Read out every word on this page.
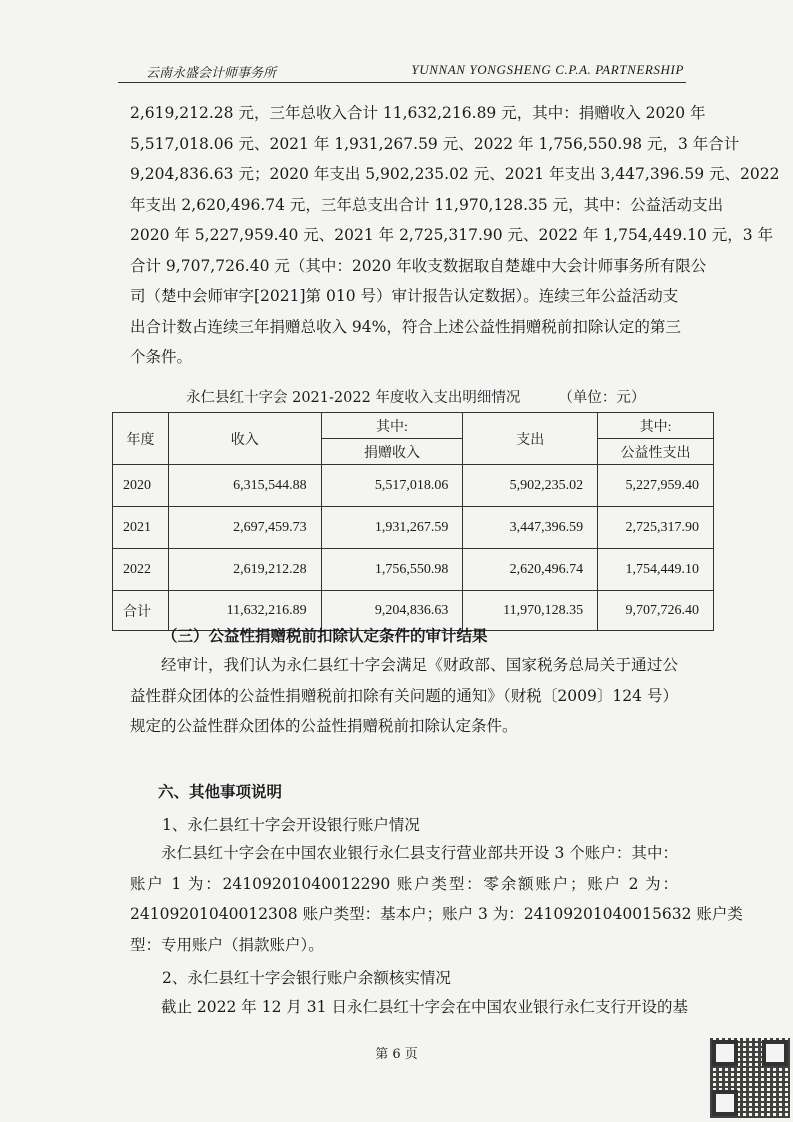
云南永盛会计师事务所	YUNNAN YONGSHENG C.P.A. PARTNERSHIP
2,619,212.28 元，三年总收入合计 11,632,216.89 元，其中：捐赠收入 2020 年
5,517,018.06 元、2021 年 1,931,267.59 元、2022 年 1,756,550.98 元，3 年合计
9,204,836.63 元；2020 年支出 5,902,235.02 元、2021 年支出 3,447,396.59 元、2022
年支出 2,620,496.74 元，三年总支出合计 11,970,128.35 元，其中：公益活动支出
2020 年 5,227,959.40 元、2021 年 2,725,317.90 元、2022 年 1,754,449.10 元，3 年
合计 9,707,726.40 元（其中：2020 年收支数据取自楚雄中大会计师事务所有限公
司（楚中会师审字[2021]第 010 号）审计报告认定数据）。连续三年公益活动支
出合计数占连续三年捐赠总收入 94%，符合上述公益性捐赠税前扣除认定的第三
个条件。
永仁县红十字会 2021-2022 年度收入支出明细情况	（单位：元）
年度	收入	其中:	支出	其中:
		捐赠收入		公益性支出
2020	6,315,544.88	5,517,018.06	5,902,235.02	5,227,959.40
2021	2,697,459.73	1,931,267.59	3,447,396.59	2,725,317.90
2022	2,619,212.28	1,756,550.98	2,620,496.74	1,754,449.10
合计	11,632,216.89	9,204,836.63	11,970,128.35	9,707,726.40
（三）公益性捐赠税前扣除认定条件的审计结果
经审计，我们认为永仁县红十字会满足《财政部、国家税务总局关于通过公
益性群众团体的公益性捐赠税前扣除有关问题的通知》（财税〔2009〕124 号）
规定的公益性群众团体的公益性捐赠税前扣除认定条件。
六、其他事项说明
1、永仁县红十字会开设银行账户情况
永仁县红十字会在中国农业银行永仁县支行营业部共开设 3 个账户：其中：
账户 1 为：24109201040012290 账户类型：零余额账户；账户 2 为：
24109201040012308 账户类型：基本户；账户 3 为：24109201040015632 账户类
型：专用账户（捐款账户）。
2、永仁县红十字会银行账户余额核实情况
截止 2022 年 12 月 31 日永仁县红十字会在中国农业银行永仁支行开设的基
第 6 页
